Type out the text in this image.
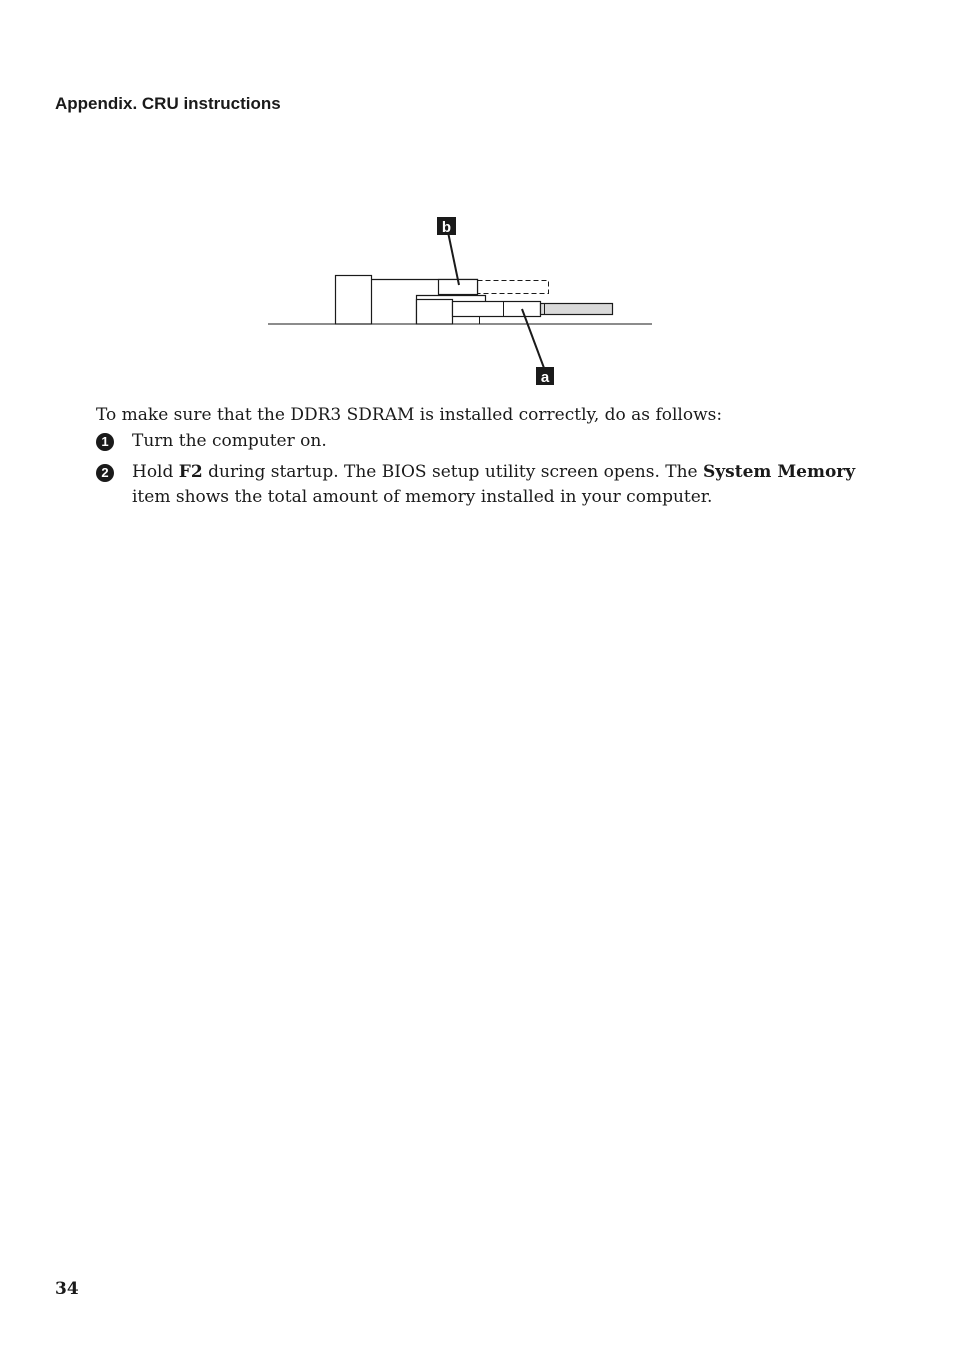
Appendix. CRU instructions
b
a

To make sure that the DDR3 SDRAM is installed correctly, do as follows:

1	Turn the computer on.

2	Hold F2 during startup. The BIOS setup utility screen opens. The System Memory item shows the total amount of memory installed in your computer.

34
